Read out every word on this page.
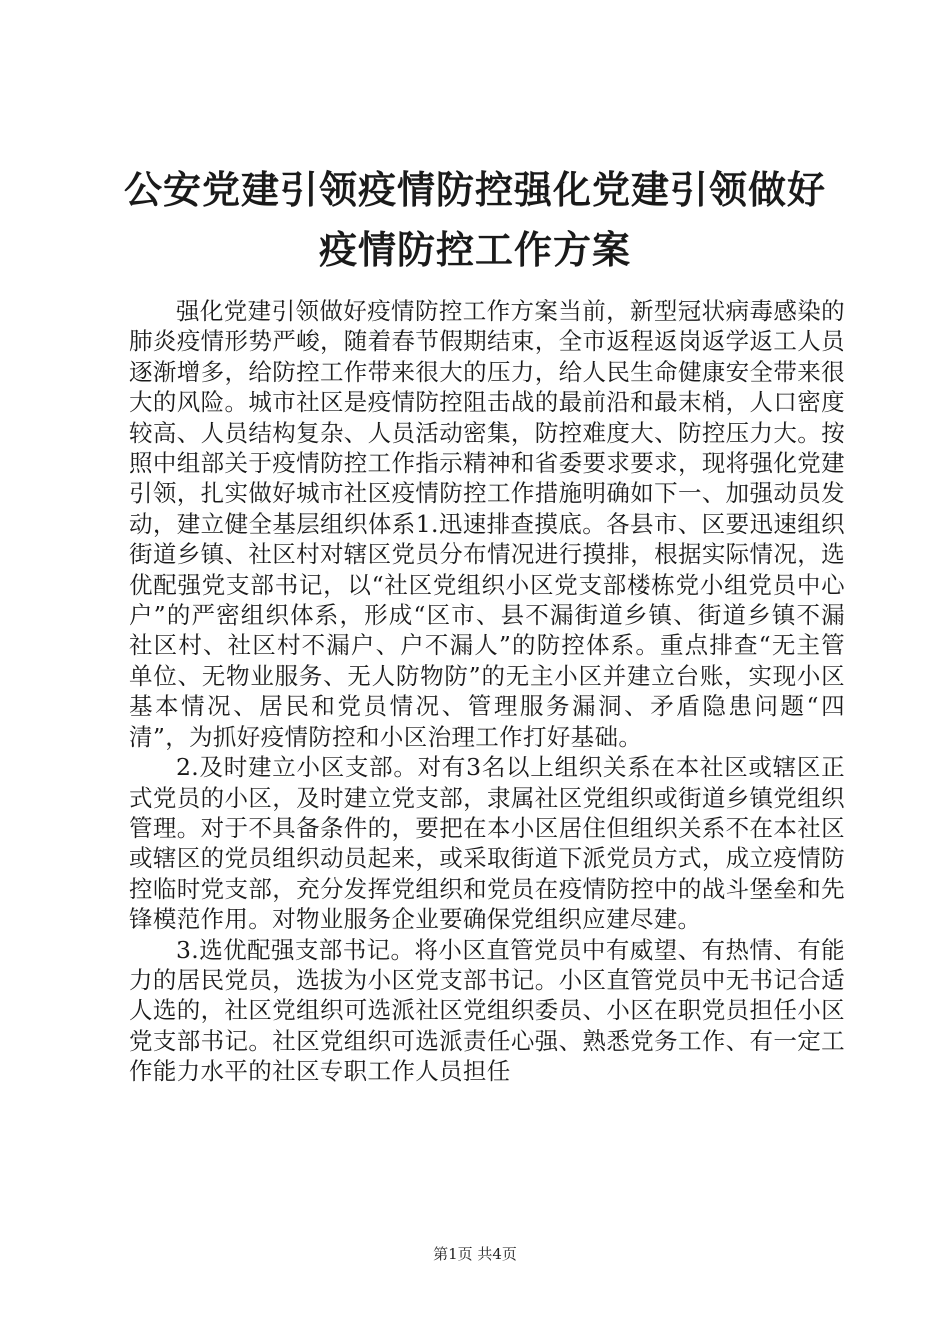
公安党建引领疫情防控强化党建引领做好疫情防控工作方案

强化党建引领做好疫情防控工作方案当前，新型冠状病毒感染的肺炎疫情形势严峻，随着春节假期结束，全市返程返岗返学返工人员逐渐增多，给防控工作带来很大的压力，给人民生命健康安全带来很大的风险。城市社区是疫情防控阻击战的最前沿和最末梢，人口密度较高、人员结构复杂、人员活动密集，防控难度大、防控压力大。按照中组部关于疫情防控工作指示精神和省委要求要求，现将强化党建引领，扎实做好城市社区疫情防控工作措施明确如下一、加强动员发动，建立健全基层组织体系1.迅速排查摸底。各县市、区要迅速组织街道乡镇、社区村对辖区党员分布情况进行摸排，根据实际情况，选优配强党支部书记，以“社区党组织小区党支部楼栋党小组党员中心户”的严密组织体系，形成“区市、县不漏街道乡镇、街道乡镇不漏社区村、社区村不漏户、户不漏人”的防控体系。重点排查“无主管单位、无物业服务、无人防物防”的无主小区并建立台账，实现小区基本情况、居民和党员情况、管理服务漏洞、矛盾隐患问题“四清”，为抓好疫情防控和小区治理工作打好基础。

2.及时建立小区支部。对有3名以上组织关系在本社区或辖区正式党员的小区，及时建立党支部，隶属社区党组织或街道乡镇党组织管理。对于不具备条件的，要把在本小区居住但组织关系不在本社区或辖区的党员组织动员起来，或采取街道下派党员方式，成立疫情防控临时党支部，充分发挥党组织和党员在疫情防控中的战斗堡垒和先锋模范作用。对物业服务企业要确保党组织应建尽建。

3.选优配强支部书记。将小区直管党员中有威望、有热情、有能力的居民党员，选拔为小区党支部书记。小区直管党员中无书记合适人选的，社区党组织可选派社区党组织委员、小区在职党员担任小区党支部书记。社区党组织可选派责任心强、熟悉党务工作、有一定工作能力水平的社区专职工作人员担任

第1页 共4页
